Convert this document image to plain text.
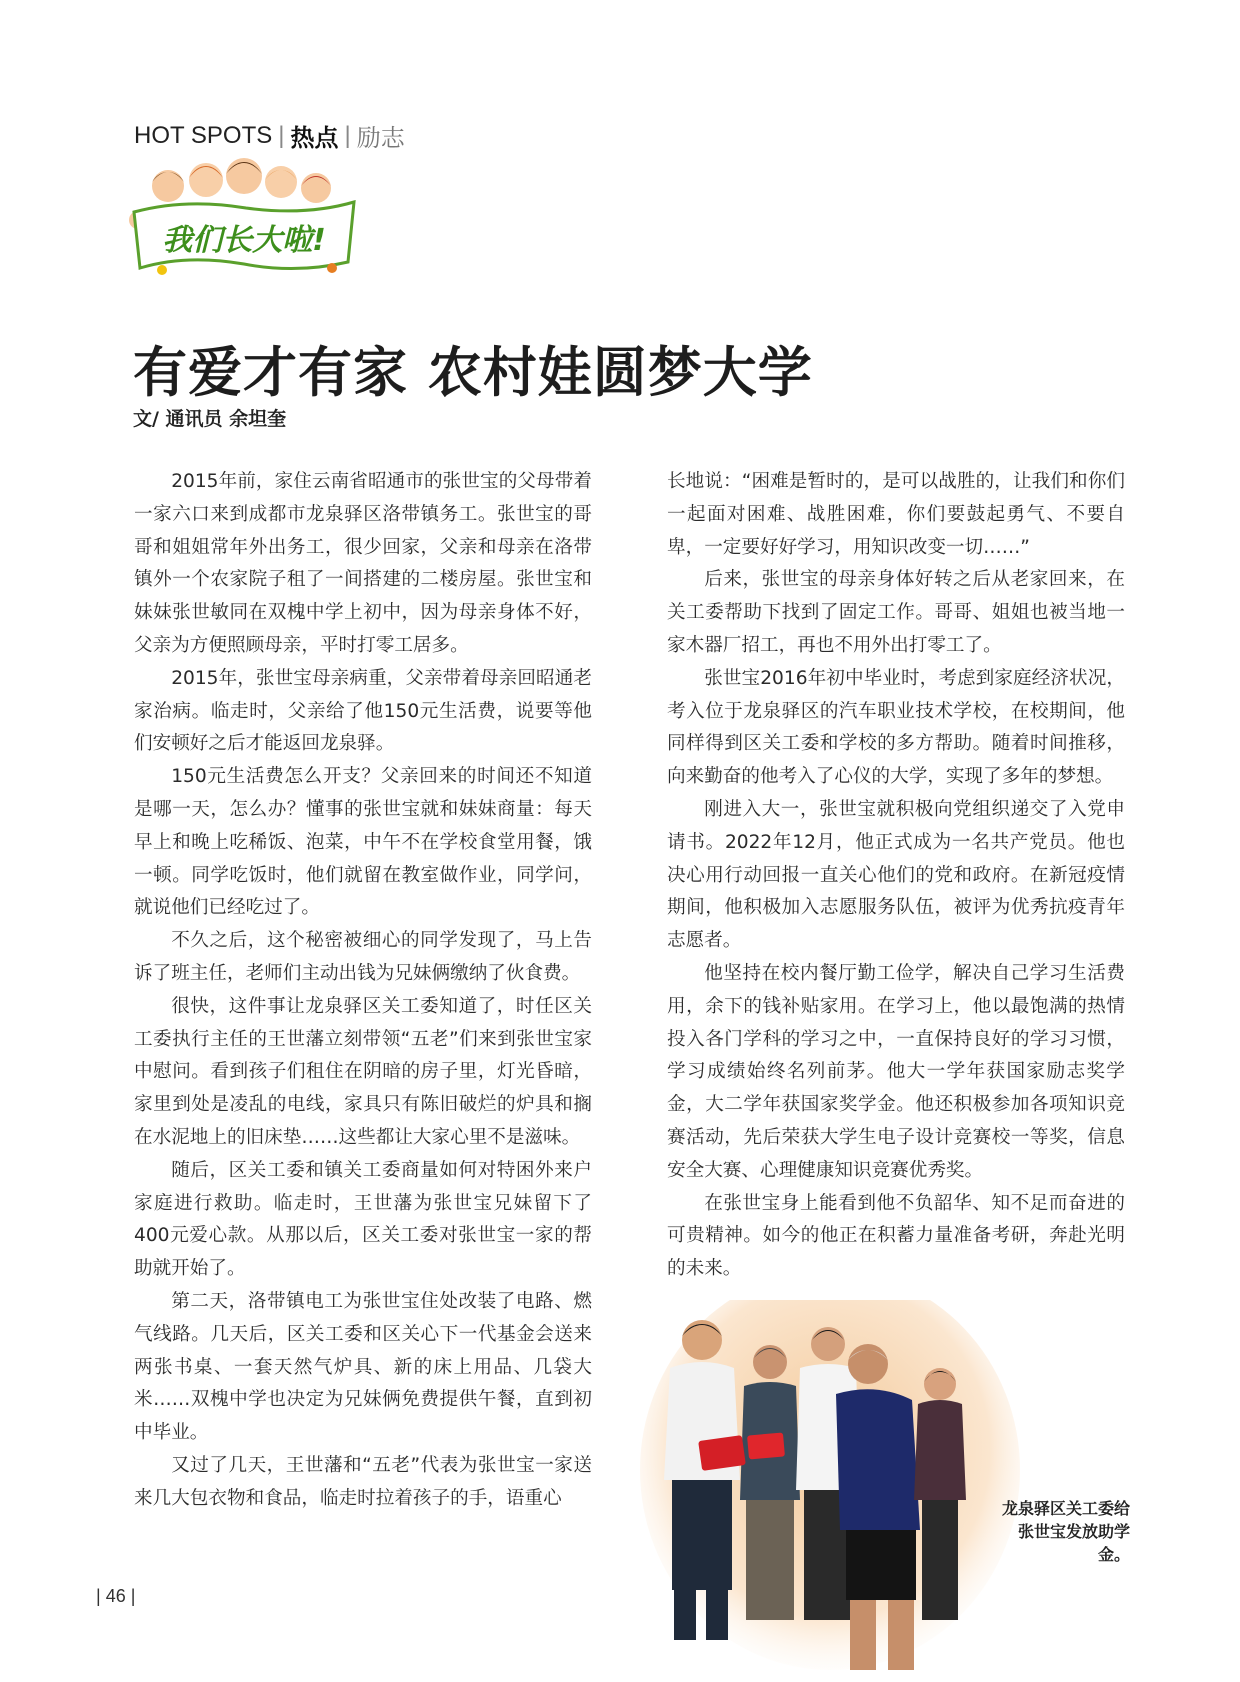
HOT SPOTS | 热点 | 励志
我们长大啦!
有爱才有家 农村娃圆梦大学
文/ 通讯员 余坦奎

2015年前，家住云南省昭通市的张世宝的父母带着一家六口来到成都市龙泉驿区洛带镇务工。张世宝的哥哥和姐姐常年外出务工，很少回家，父亲和母亲在洛带镇外一个农家院子租了一间搭建的二楼房屋。张世宝和妹妹张世敏同在双槐中学上初中，因为母亲身体不好，父亲为方便照顾母亲，平时打零工居多。

2015年，张世宝母亲病重，父亲带着母亲回昭通老家治病。临走时，父亲给了他150元生活费，说要等他们安顿好之后才能返回龙泉驿。

150元生活费怎么开支？父亲回来的时间还不知道是哪一天，怎么办？懂事的张世宝就和妹妹商量：每天早上和晚上吃稀饭、泡菜，中午不在学校食堂用餐，饿一顿。同学吃饭时，他们就留在教室做作业，同学问，就说他们已经吃过了。

不久之后，这个秘密被细心的同学发现了，马上告诉了班主任，老师们主动出钱为兄妹俩缴纳了伙食费。

很快，这件事让龙泉驿区关工委知道了，时任区关工委执行主任的王世藩立刻带领“五老”们来到张世宝家中慰问。看到孩子们租住在阴暗的房子里，灯光昏暗，家里到处是凌乱的电线，家具只有陈旧破烂的炉具和搁在水泥地上的旧床垫……这些都让大家心里不是滋味。

随后，区关工委和镇关工委商量如何对特困外来户家庭进行救助。临走时，王世藩为张世宝兄妹留下了400元爱心款。从那以后，区关工委对张世宝一家的帮助就开始了。

第二天，洛带镇电工为张世宝住处改装了电路、燃气线路。几天后，区关工委和区关心下一代基金会送来两张书桌、一套天然气炉具、新的床上用品、几袋大米……双槐中学也决定为兄妹俩免费提供午餐，直到初中毕业。

又过了几天，王世藩和“五老”代表为张世宝一家送来几大包衣物和食品，临走时拉着孩子的手，语重心

长地说：“困难是暂时的，是可以战胜的，让我们和你们一起面对困难、战胜困难，你们要鼓起勇气、不要自卑，一定要好好学习，用知识改变一切……”

后来，张世宝的母亲身体好转之后从老家回来，在关工委帮助下找到了固定工作。哥哥、姐姐也被当地一家木器厂招工，再也不用外出打零工了。

张世宝2016年初中毕业时，考虑到家庭经济状况，考入位于龙泉驿区的汽车职业技术学校，在校期间，他同样得到区关工委和学校的多方帮助。随着时间推移，向来勤奋的他考入了心仪的大学，实现了多年的梦想。

刚进入大一，张世宝就积极向党组织递交了入党申请书。2022年12月，他正式成为一名共产党员。他也决心用行动回报一直关心他们的党和政府。在新冠疫情期间，他积极加入志愿服务队伍，被评为优秀抗疫青年志愿者。

他坚持在校内餐厅勤工俭学，解决自己学习生活费用，余下的钱补贴家用。在学习上，他以最饱满的热情投入各门学科的学习之中，一直保持良好的学习习惯，学习成绩始终名列前茅。他大一学年获国家励志奖学金，大二学年获国家奖学金。他还积极参加各项知识竞赛活动，先后荣获大学生电子设计竞赛校一等奖，信息安全大赛、心理健康知识竞赛优秀奖。

在张世宝身上能看到他不负韶华、知不足而奋进的可贵精神。如今的他正在积蓄力量准备考研，奔赴光明的未来。

龙泉驿区关工委给张世宝发放助学金。
| 46 |
